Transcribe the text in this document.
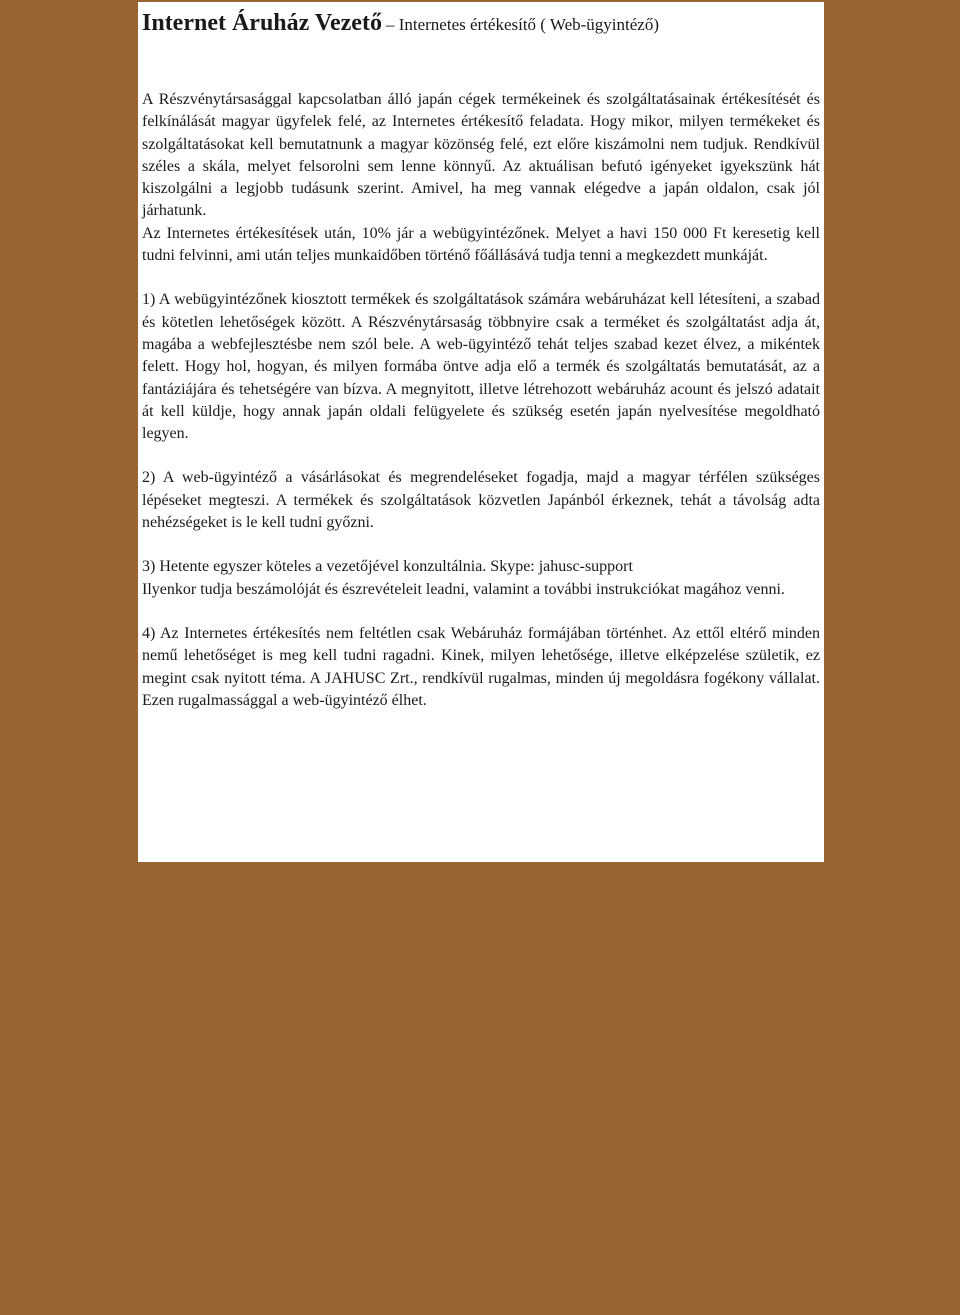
Internet Áruház Vezető – Internetes értékesítő ( Web-ügyintéző)

A Részvénytársasággal kapcsolatban álló japán cégek termékeinek és szolgáltatásainak értékesítését és felkínálását magyar ügyfelek felé, az Internetes értékesítő feladata. Hogy mikor, milyen termékeket és szolgáltatásokat kell bemutatnunk a magyar közönség felé, ezt előre kiszámolni nem tudjuk. Rendkívül széles a skála, melyet felsorolni sem lenne könnyű. Az aktuálisan befutó igényeket igyekszünk hát kiszolgálni a legjobb tudásunk szerint. Amivel, ha meg vannak elégedve a japán oldalon, csak jól járhatunk.

Az Internetes értékesítések után, 10% jár a webügyintézőnek. Melyet a havi 150 000 Ft keresetig kell tudni felvinni, ami után teljes munkaidőben történő főállásává tudja tenni a megkezdett munkáját.

1) A webügyintézőnek kiosztott termékek és szolgáltatások számára webáruházat kell létesíteni, a szabad és kötetlen lehetőségek között. A Részvénytársaság többnyire csak a terméket és szolgáltatást adja át, magába a webfejlesztésbe nem szól bele. A web-ügyintéző tehát teljes szabad kezet élvez, a mikéntek felett. Hogy hol, hogyan, és milyen formába öntve adja elő a termék és szolgáltatás bemutatását, az a fantáziájára és tehetségére van bízva. A megnyitott, illetve létrehozott webáruház acount és jelszó adatait át kell küldje, hogy annak japán oldali felügyelete és szükség esetén japán nyelvesítése megoldható legyen.

2) A web-ügyintéző a vásárlásokat és megrendeléseket fogadja, majd a magyar térfélen szükséges lépéseket megteszi. A termékek és szolgáltatások közvetlen Japánból érkeznek, tehát a távolság adta nehézségeket is le kell tudni győzni.

3) Hetente egyszer köteles a vezetőjével konzultálnia. Skype: jahusc-support

Ilyenkor tudja beszámolóját és észrevételeit leadni, valamint a további instrukciókat magához venni.

4) Az Internetes értékesítés nem feltétlen csak Webáruház formájában történhet. Az ettől eltérő minden nemű lehetőséget is meg kell tudni ragadni. Kinek, milyen lehetősége, illetve elképzelése születik, ez megint csak nyitott téma. A JAHUSC Zrt., rendkívül rugalmas, minden új megoldásra fogékony vállalat. Ezen rugalmassággal a web-ügyintéző élhet.
